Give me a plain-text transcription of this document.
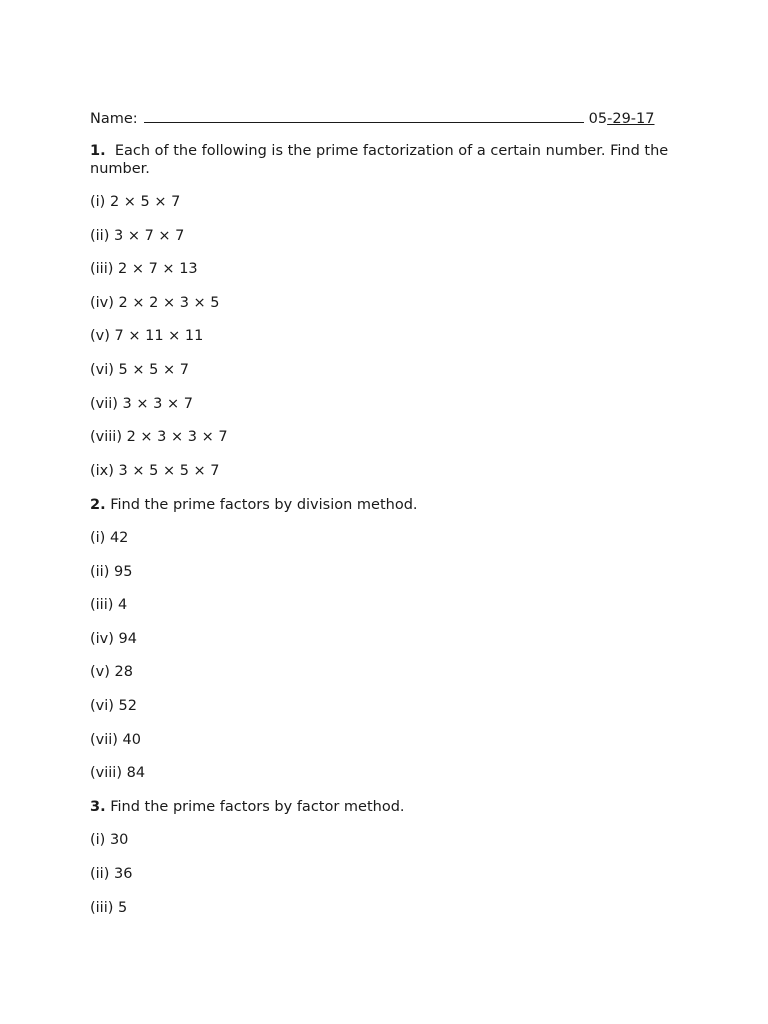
Name:	05-29-17
1. Each of the following is the prime factorization of a certain number. Find the number.
(i) 2 × 5 × 7
(ii) 3 × 7 × 7
(iii) 2 × 7 × 13
(iv) 2 × 2 × 3 × 5
(v) 7 × 11 × 11
(vi) 5 × 5 × 7
(vii) 3 × 3 × 7
(viii) 2 × 3 × 3 × 7
(ix) 3 × 5 × 5 × 7
2. Find the prime factors by division method.
(i) 42
(ii) 95
(iii) 4
(iv) 94
(v) 28
(vi) 52
(vii) 40
(viii) 84
3. Find the prime factors by factor method.
(i) 30
(ii) 36
(iii) 5
